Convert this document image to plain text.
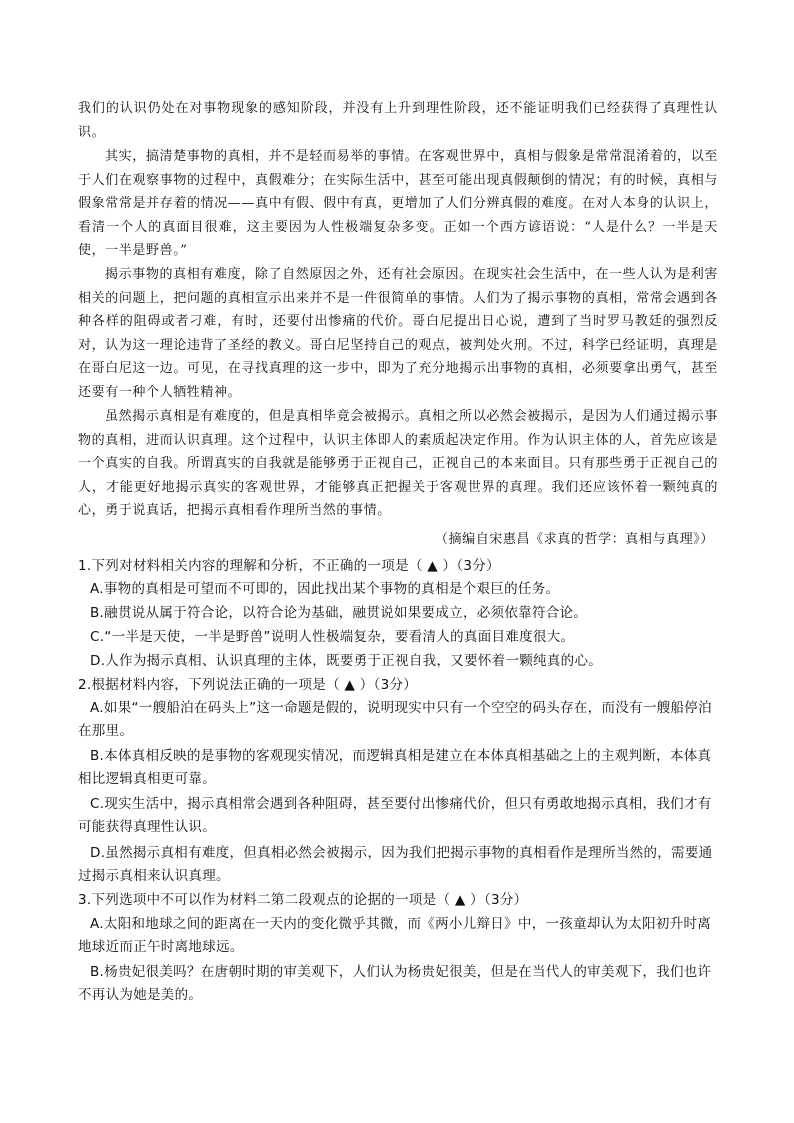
我们的认识仍处在对事物现象的感知阶段，并没有上升到理性阶段，还不能证明我们已经获得了真理性认识。

其实，搞清楚事物的真相，并不是轻而易举的事情。在客观世界中，真相与假象是常常混淆着的，以至于人们在观察事物的过程中，真假难分；在实际生活中，甚至可能出现真假颠倒的情况；有的时候，真相与假象常常是并存着的情况——真中有假、假中有真，更增加了人们分辨真假的难度。在对人本身的认识上，看清一个人的真面目很难，这主要因为人性极端复杂多变。正如一个西方谚语说：“人是什么？一半是天使，一半是野兽。”

揭示事物的真相有难度，除了自然原因之外，还有社会原因。在现实社会生活中，在一些人认为是利害相关的问题上，把问题的真相宣示出来并不是一件很简单的事情。人们为了揭示事物的真相，常常会遇到各种各样的阻碍或者刁难，有时，还要付出惨痛的代价。哥白尼提出日心说，遭到了当时罗马教廷的强烈反对，认为这一理论违背了圣经的教义。哥白尼坚持自己的观点，被判处火刑。不过，科学已经证明，真理是在哥白尼这一边。可见，在寻找真理的这一步中，即为了充分地揭示出事物的真相，必须要拿出勇气，甚至还要有一种个人牺牲精神。

虽然揭示真相是有难度的，但是真相毕竟会被揭示。真相之所以必然会被揭示，是因为人们通过揭示事物的真相，进而认识真理。这个过程中，认识主体即人的素质起决定作用。作为认识主体的人，首先应该是一个真实的自我。所谓真实的自我就是能够勇于正视自己，正视自己的本来面目。只有那些勇于正视自己的人，才能更好地揭示真实的客观世界，才能够真正把握关于客观世界的真理。我们还应该怀着一颗纯真的心，勇于说真话，把揭示真相看作理所当然的事情。

（摘编自宋惠昌《求真的哲学：真相与真理》）

1.下列对材料相关内容的理解和分析，不正确的一项是（ ▲ ）（3分）

A.事物的真相是可望而不可即的，因此找出某个事物的真相是个艰巨的任务。

B.融贯说从属于符合论，以符合论为基础，融贯说如果要成立，必须依靠符合论。

C.“一半是天使，一半是野兽”说明人性极端复杂，要看清人的真面目难度很大。

D.人作为揭示真相、认识真理的主体，既要勇于正视自我，又要怀着一颗纯真的心。

2.根据材料内容，下列说法正确的一项是（ ▲ ）（3分）

A.如果“一艘船泊在码头上”这一命题是假的，说明现实中只有一个空空的码头存在，而没有一艘船停泊在那里。

B.本体真相反映的是事物的客观现实情况，而逻辑真相是建立在本体真相基础之上的主观判断，本体真相比逻辑真相更可靠。

C.现实生活中，揭示真相常会遇到各种阻碍，甚至要付出惨痛代价，但只有勇敢地揭示真相，我们才有可能获得真理性认识。

D.虽然揭示真相有难度，但真相必然会被揭示，因为我们把揭示事物的真相看作是理所当然的，需要通过揭示真相来认识真理。

3.下列选项中不可以作为材料二第二段观点的论据的一项是（ ▲ ）（3分）

A.太阳和地球之间的距离在一天内的变化微乎其微，而《两小儿辩日》中，一孩童却认为太阳初升时离地球近而正午时离地球远。

B.杨贵妃很美吗？在唐朝时期的审美观下，人们认为杨贵妃很美，但是在当代人的审美观下，我们也许不再认为她是美的。
